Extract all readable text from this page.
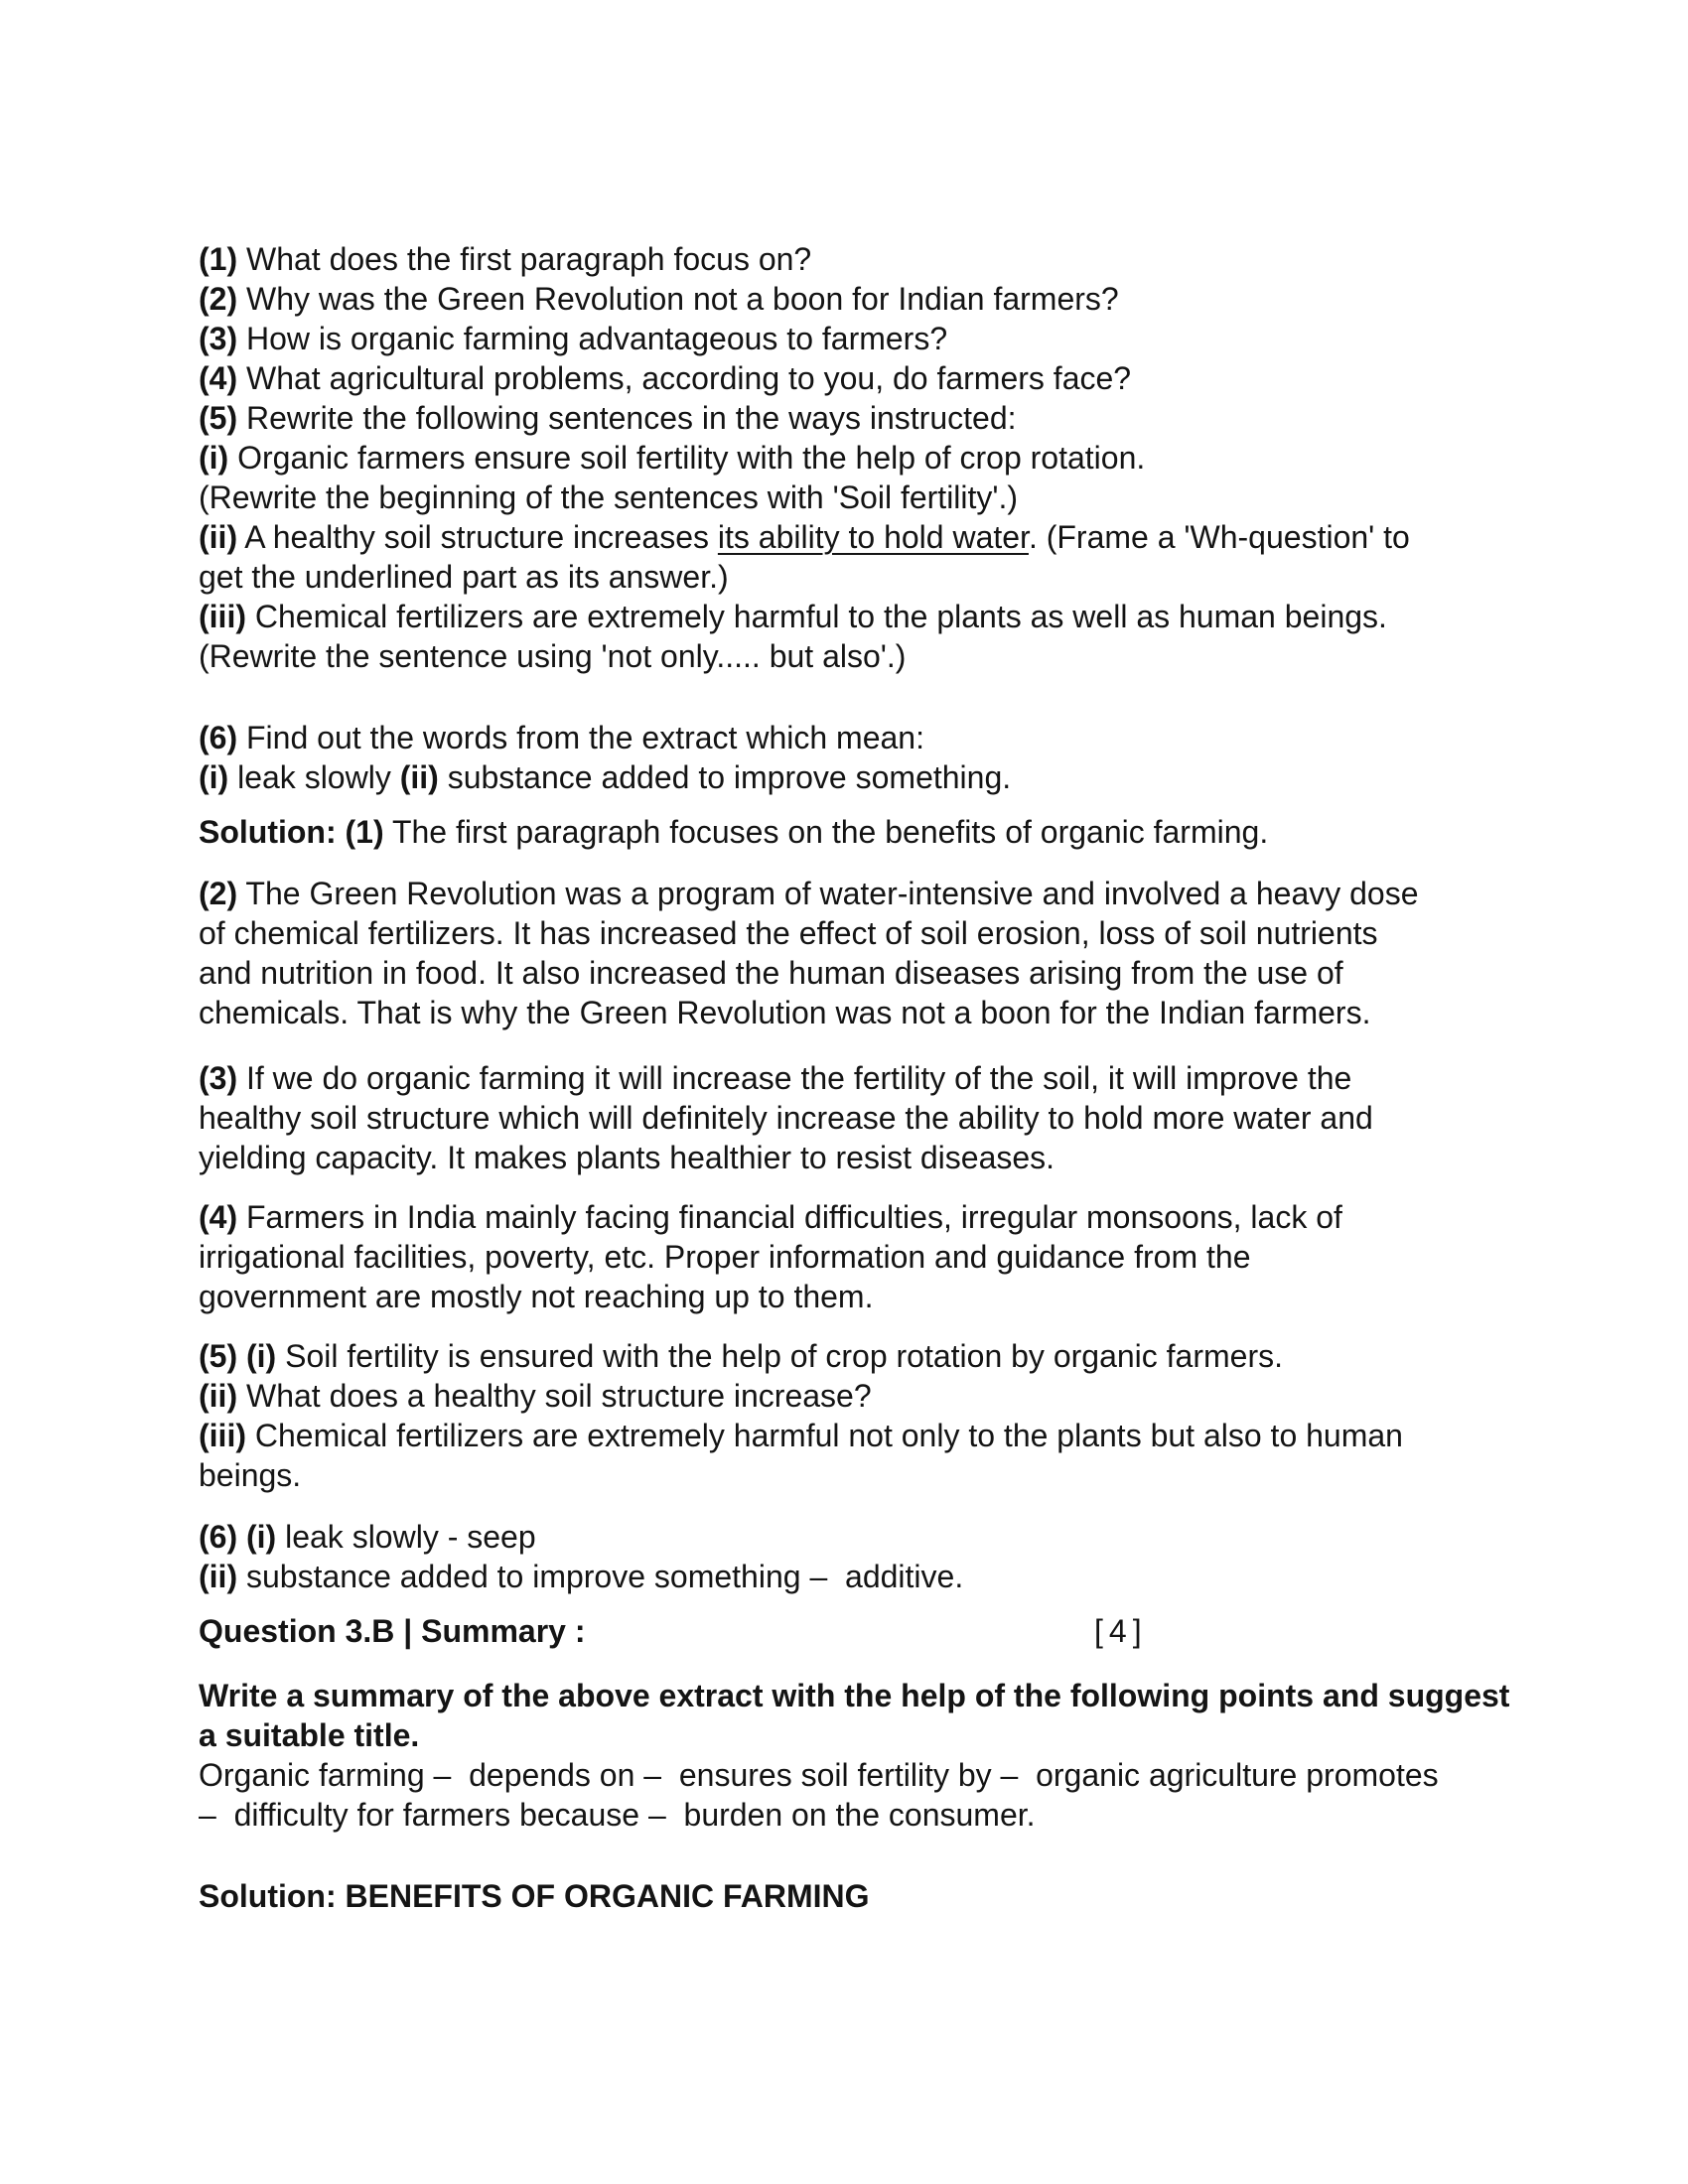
(1) What does the first paragraph focus on?
(2) Why was the Green Revolution not a boon for Indian farmers?
(3) How is organic farming advantageous to farmers?
(4) What agricultural problems, according to you, do farmers face?
(5) Rewrite the following sentences in the ways instructed:
(i) Organic farmers ensure soil fertility with the help of crop rotation.
(Rewrite the beginning of the sentences with 'Soil fertility'.)
(ii) A healthy soil structure increases its ability to hold water. (Frame a 'Wh-question' to
get the underlined part as its answer.)
(iii) Chemical fertilizers are extremely harmful to the plants as well as human beings.
(Rewrite the sentence using 'not only..... but also'.)
(6) Find out the words from the extract which mean:
(i) leak slowly (ii) substance added to improve something.
Solution: (1) The first paragraph focuses on the benefits of organic farming.
(2) The Green Revolution was a program of water-intensive and involved a heavy dose
of chemical fertilizers. It has increased the effect of soil erosion, loss of soil nutrients
and nutrition in food. It also increased the human diseases arising from the use of
chemicals. That is why the Green Revolution was not a boon for the Indian farmers.
(3) If we do organic farming it will increase the fertility of the soil, it will improve the
healthy soil structure which will definitely increase the ability to hold more water and
yielding capacity. It makes plants healthier to resist diseases.
(4) Farmers in India mainly facing financial difficulties, irregular monsoons, lack of
irrigational facilities, poverty, etc. Proper information and guidance from the
government are mostly not reaching up to them.
(5) (i) Soil fertility is ensured with the help of crop rotation by organic farmers.
(ii) What does a healthy soil structure increase?
(iii) Chemical fertilizers are extremely harmful not only to the plants but also to human
beings.
(6) (i) leak slowly - seep
(ii) substance added to improve something –  additive.
Question 3.B | Summary :	[4]
Write a summary of the above extract with the help of the following points and suggest
a suitable title.
Organic farming –  depends on –  ensures soil fertility by –  organic agriculture promotes
–  difficulty for farmers because –  burden on the consumer.
Solution: BENEFITS OF ORGANIC FARMING
